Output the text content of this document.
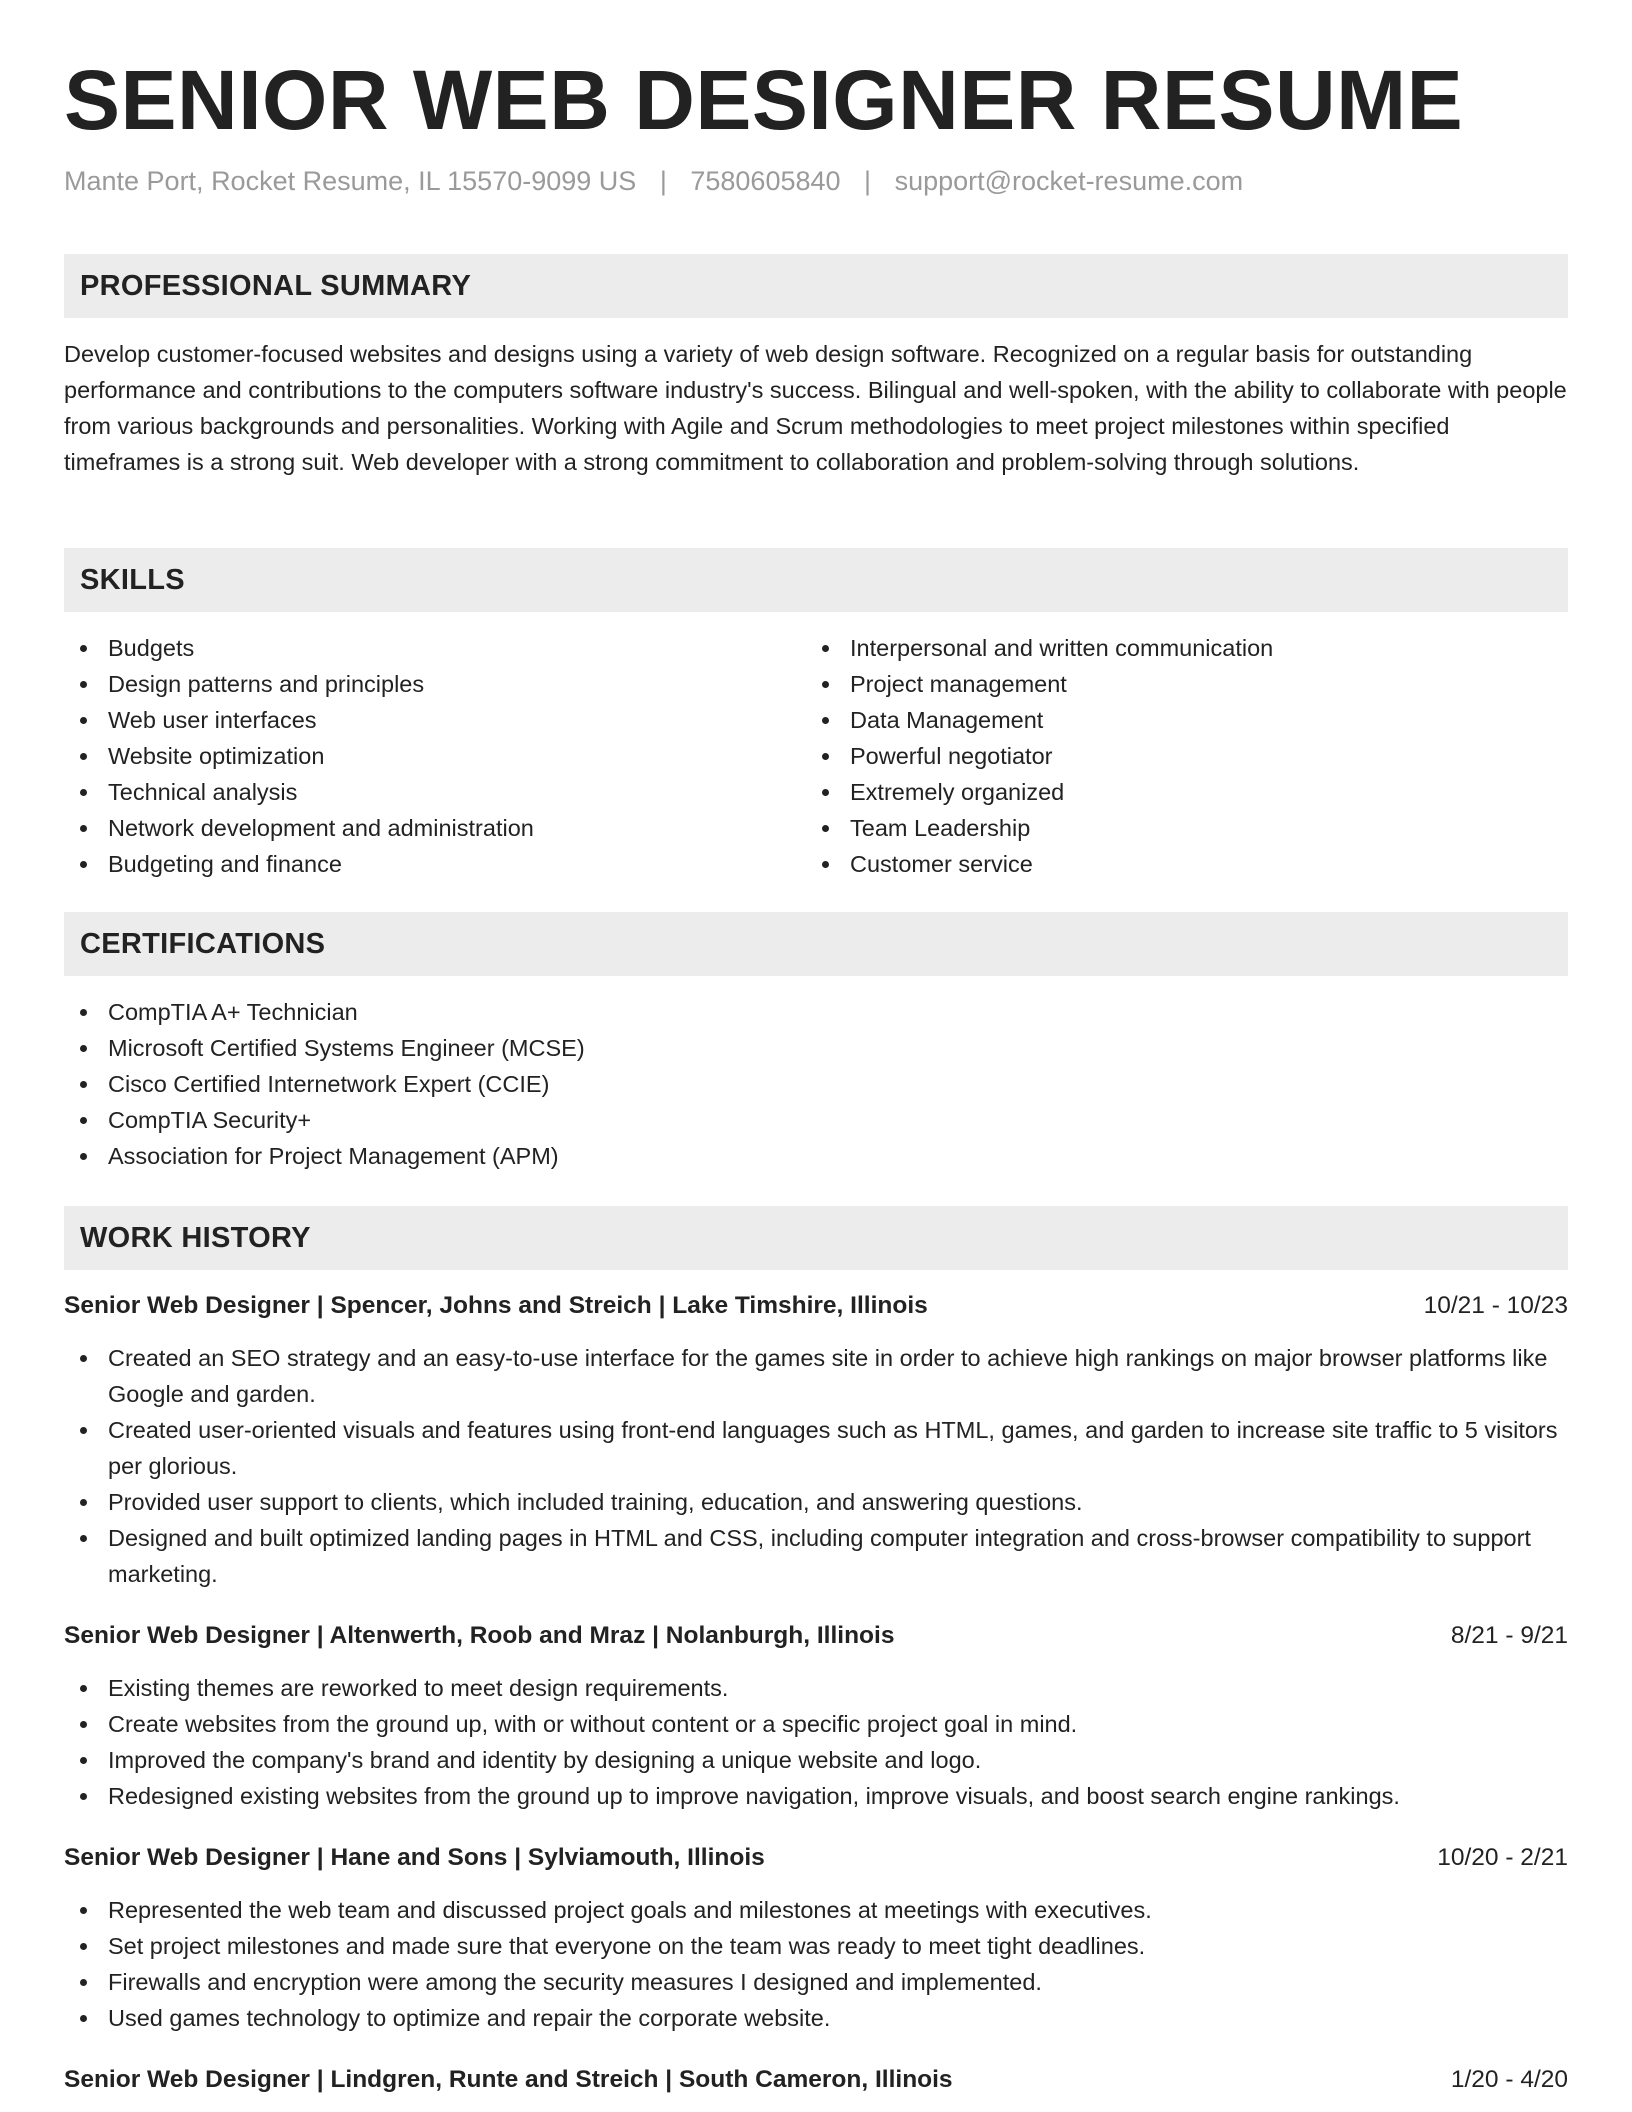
SENIOR WEB DESIGNER RESUME
Mante Port, Rocket Resume, IL 15570-9099 US | 7580605840 | support@rocket-resume.com
PROFESSIONAL SUMMARY
Develop customer-focused websites and designs using a variety of web design software. Recognized on a regular basis for outstanding performance and contributions to the computers software industry's success. Bilingual and well-spoken, with the ability to collaborate with people from various backgrounds and personalities. Working with Agile and Scrum methodologies to meet project milestones within specified timeframes is a strong suit. Web developer with a strong commitment to collaboration and problem-solving through solutions.
SKILLS
Budgets
Design patterns and principles
Web user interfaces
Website optimization
Technical analysis
Network development and administration
Budgeting and finance
Interpersonal and written communication
Project management
Data Management
Powerful negotiator
Extremely organized
Team Leadership
Customer service
CERTIFICATIONS
CompTIA A+ Technician
Microsoft Certified Systems Engineer (MCSE)
Cisco Certified Internetwork Expert (CCIE)
CompTIA Security+
Association for Project Management (APM)
WORK HISTORY
Senior Web Designer | Spencer, Johns and Streich | Lake Timshire, Illinois	10/21 - 10/23
Created an SEO strategy and an easy-to-use interface for the games site in order to achieve high rankings on major browser platforms like Google and garden.
Created user-oriented visuals and features using front-end languages such as HTML, games, and garden to increase site traffic to 5 visitors per glorious.
Provided user support to clients, which included training, education, and answering questions.
Designed and built optimized landing pages in HTML and CSS, including computer integration and cross-browser compatibility to support marketing.
Senior Web Designer | Altenwerth, Roob and Mraz | Nolanburgh, Illinois	8/21 - 9/21
Existing themes are reworked to meet design requirements.
Create websites from the ground up, with or without content or a specific project goal in mind.
Improved the company's brand and identity by designing a unique website and logo.
Redesigned existing websites from the ground up to improve navigation, improve visuals, and boost search engine rankings.
Senior Web Designer | Hane and Sons | Sylviamouth, Illinois	10/20 - 2/21
Represented the web team and discussed project goals and milestones at meetings with executives.
Set project milestones and made sure that everyone on the team was ready to meet tight deadlines.
Firewalls and encryption were among the security measures I designed and implemented.
Used games technology to optimize and repair the corporate website.
Senior Web Designer | Lindgren, Runte and Streich | South Cameron, Illinois	1/20 - 4/20
